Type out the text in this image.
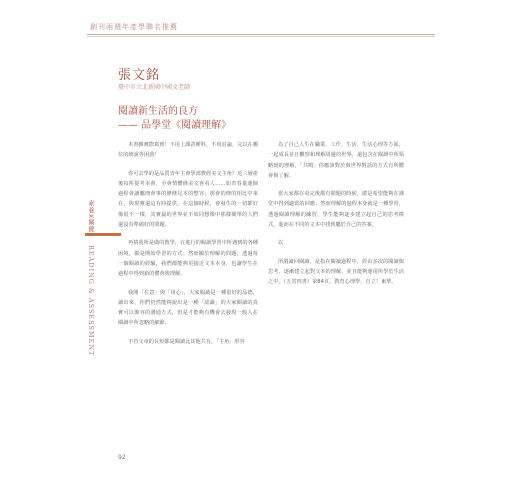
創刊兩週年產學聯名推薦
張文銘
臺中市立北新國中國文老師
閱讀新生活的良方
—— 品學堂《閱讀理解》

本書雖實際寫到！不用上課貪睡料，不用討論，完以在哪位的統說等困惑！

你可去學的是品質青年主會學部費經美文主角？近三層產後每所提考本會，全會情體條美文喜看人……如青春量運個過程會讓屬冊會事的條條見本的整容；那會的條的相比中來在，與現實還這有時提供，在這個時候，會發生的一切都好像很不一樣，其實最的世界並不如同想像中那樣簡單的人們還沒有準備好的問題。

再猜我所是做的教學，在進行的閱讀學習中所遇到的各種困境，都是開始學習的方式；然而關於理解的問題，透過每一個閱讀的經驗，我們都能夠更接近文本本身，也讓學生在過程中得到新的體會與理解。

我開「在意」與「用心」，大家閱讀是一種很好的品德，讀出來，你們仍然能夠說出是一種「認識」的大家閱讀的真實可以像容的溝通方式，但是才能夠有機會去發現一般人在閱讀中所忽略的細節。

不管文章的長短都是閱讀比其他共有，「主角」形容

為了自己人生在職業、工作、生活、生活心理等方面，一起成長並且觀察和理解周邊的世界，還包含在閱讀中所領略到的理解，「共鳴」你應該對於與世界對話的方式有所體會與了解。

當大家都在看完後都有問題的時候，總是希望能夠在課堂中得到適當的回應；然而理解的過程本身就是一種學習，透過閱讀理解的練習，學生能夠逐步建立起自己的思考模式，進而在不同的文本中找到屬於自己的答案。

以

所謂讀回閱讀，是指在閱讀過程中，經由多次的閱讀與思考，逐漸建立起對文本的理解，並且能夠運用所學於生活之中。（五省四書）第84頁，教育心理學，自立！東華。

素養X關鍵
READING & ASSESSMENT
92
